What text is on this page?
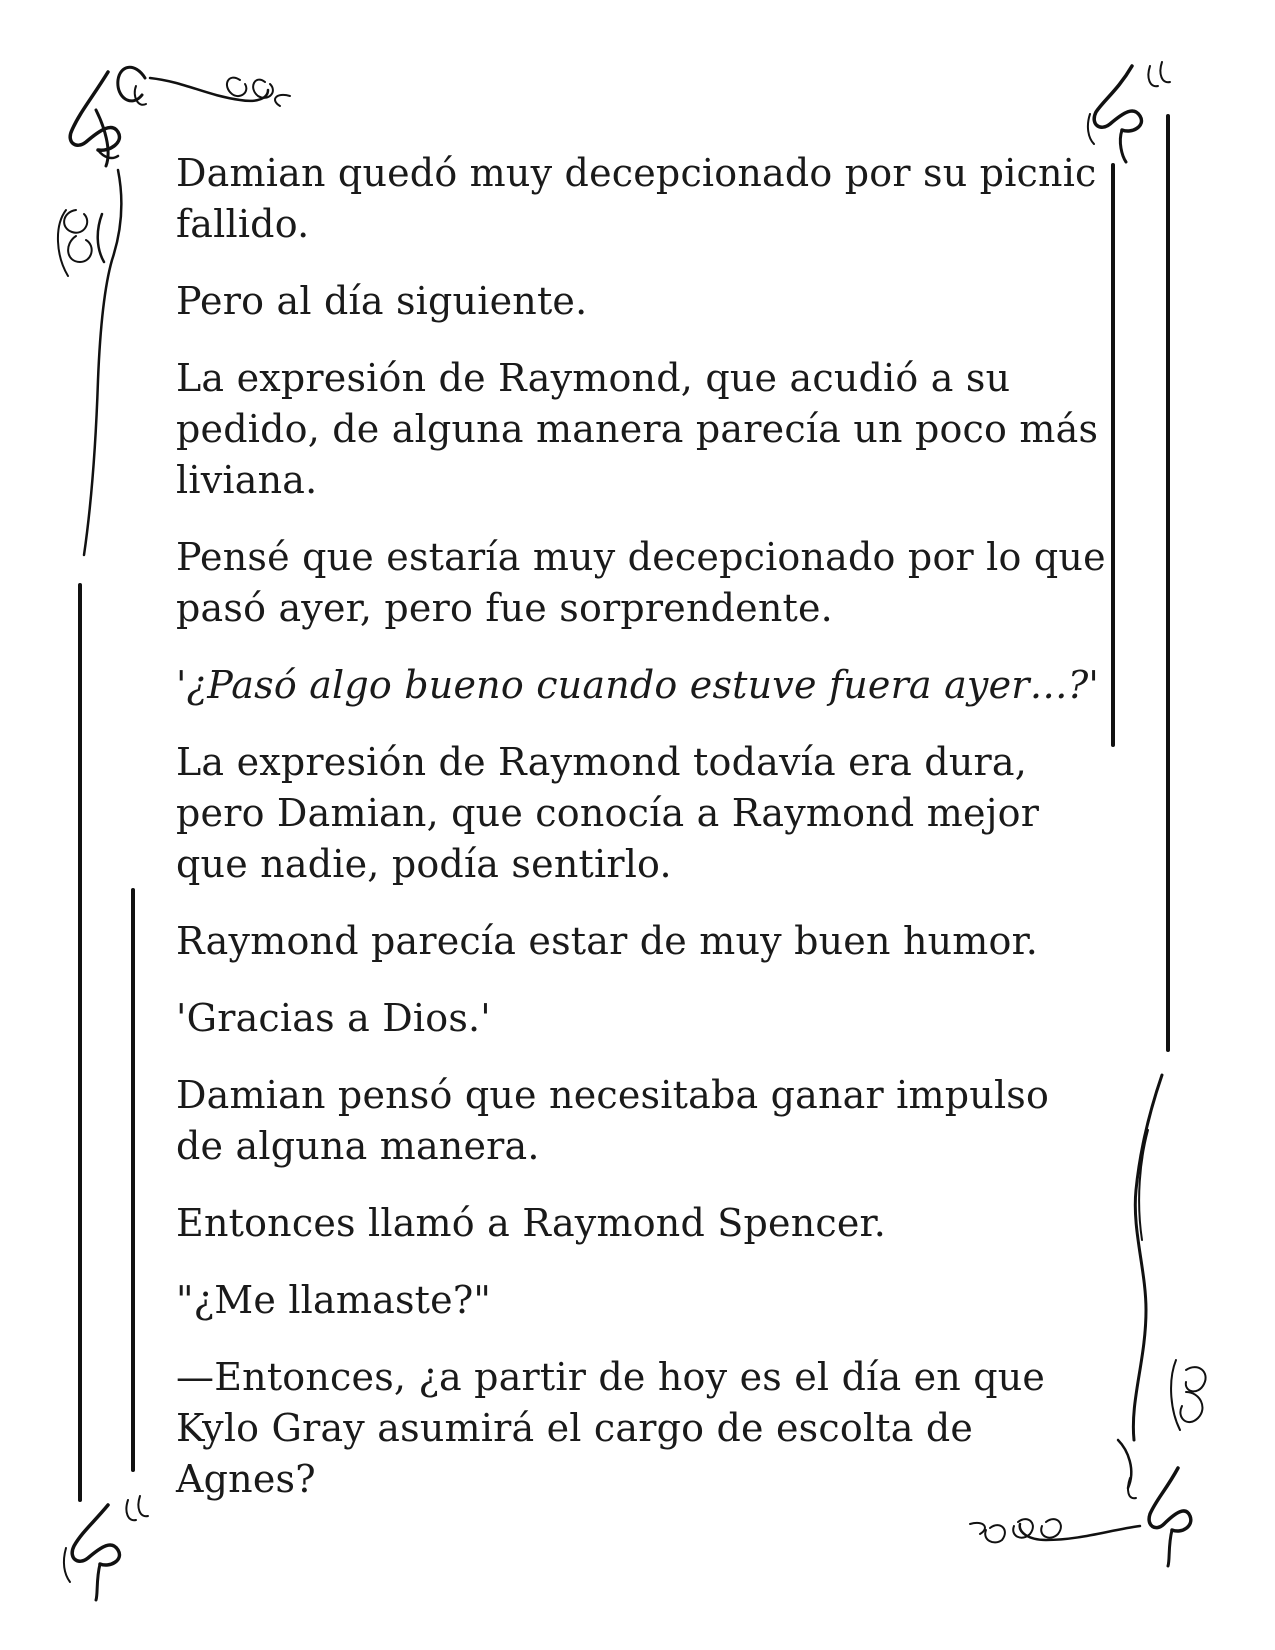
Damian quedó muy decepcionado por su picnic fallido.

Pero al día siguiente.

La expresión de Raymond, que acudió a su pedido, de alguna manera parecía un poco más liviana.

Pensé que estaría muy decepcionado por lo que pasó ayer, pero fue sorprendente.

'¿Pasó algo bueno cuando estuve fuera ayer…?'

La expresión de Raymond todavía era dura, pero Damian, que conocía a Raymond mejor que nadie, podía sentirlo.

Raymond parecía estar de muy buen humor.

'Gracias a Dios.'

Damian pensó que necesitaba ganar impulso de alguna manera.

Entonces llamó a Raymond Spencer.

"¿Me llamaste?"

—Entonces, ¿a partir de hoy es el día en que Kylo Gray asumirá el cargo de escolta de Agnes?
